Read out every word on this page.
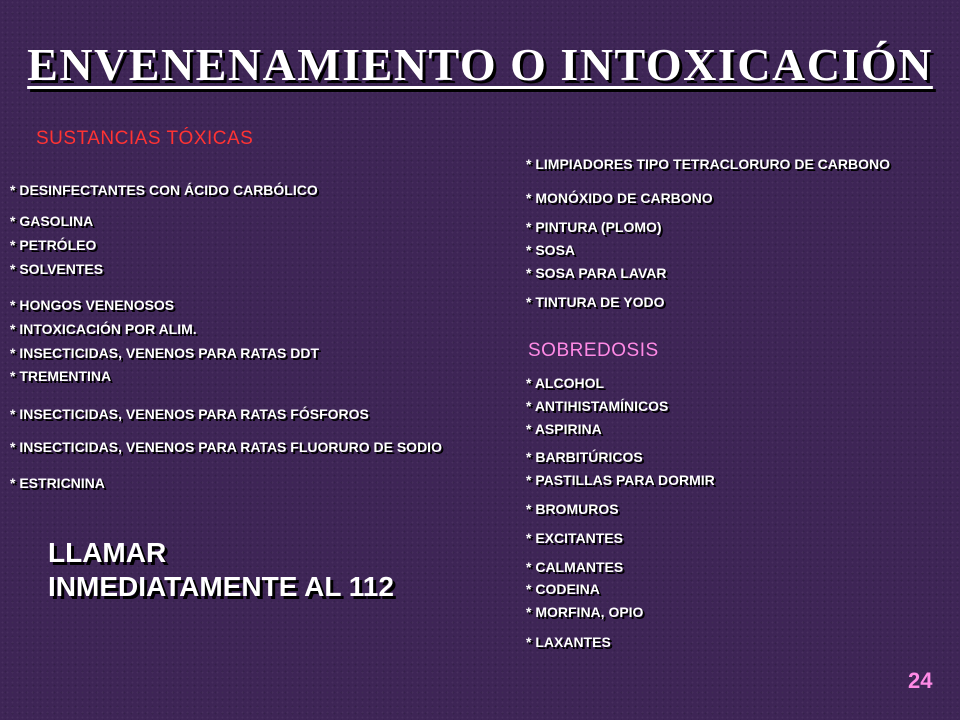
ENVENENAMIENTO O INTOXICACIÓN
SUSTANCIAS TÓXICAS
* DESINFECTANTES CON ÁCIDO CARBÓLICO
* GASOLINA
* PETRÓLEO
* SOLVENTES
* HONGOS VENENOSOS
* INTOXICACIÓN POR ALIM.
* INSECTICIDAS, VENENOS PARA RATAS DDT
* TREMENTINA
* INSECTICIDAS, VENENOS PARA RATAS FÓSFOROS
* INSECTICIDAS, VENENOS PARA RATAS FLUORURO DE SODIO
* ESTRICNINA
* LIMPIADORES TIPO TETRACLORURO DE CARBONO
* MONÓXIDO DE CARBONO
* PINTURA (PLOMO)
* SOSA
* SOSA PARA LAVAR
* TINTURA DE YODO
SOBREDOSIS
* ALCOHOL
* ANTIHISTAMÍNICOS
* ASPIRINA
* BARBITÚRICOS
* PASTILLAS PARA DORMIR
* BROMUROS
* EXCITANTES
* CALMANTES
* CODEINA
* MORFINA, OPIO
* LAXANTES
LLAMAR
INMEDIATAMENTE AL 112
24
